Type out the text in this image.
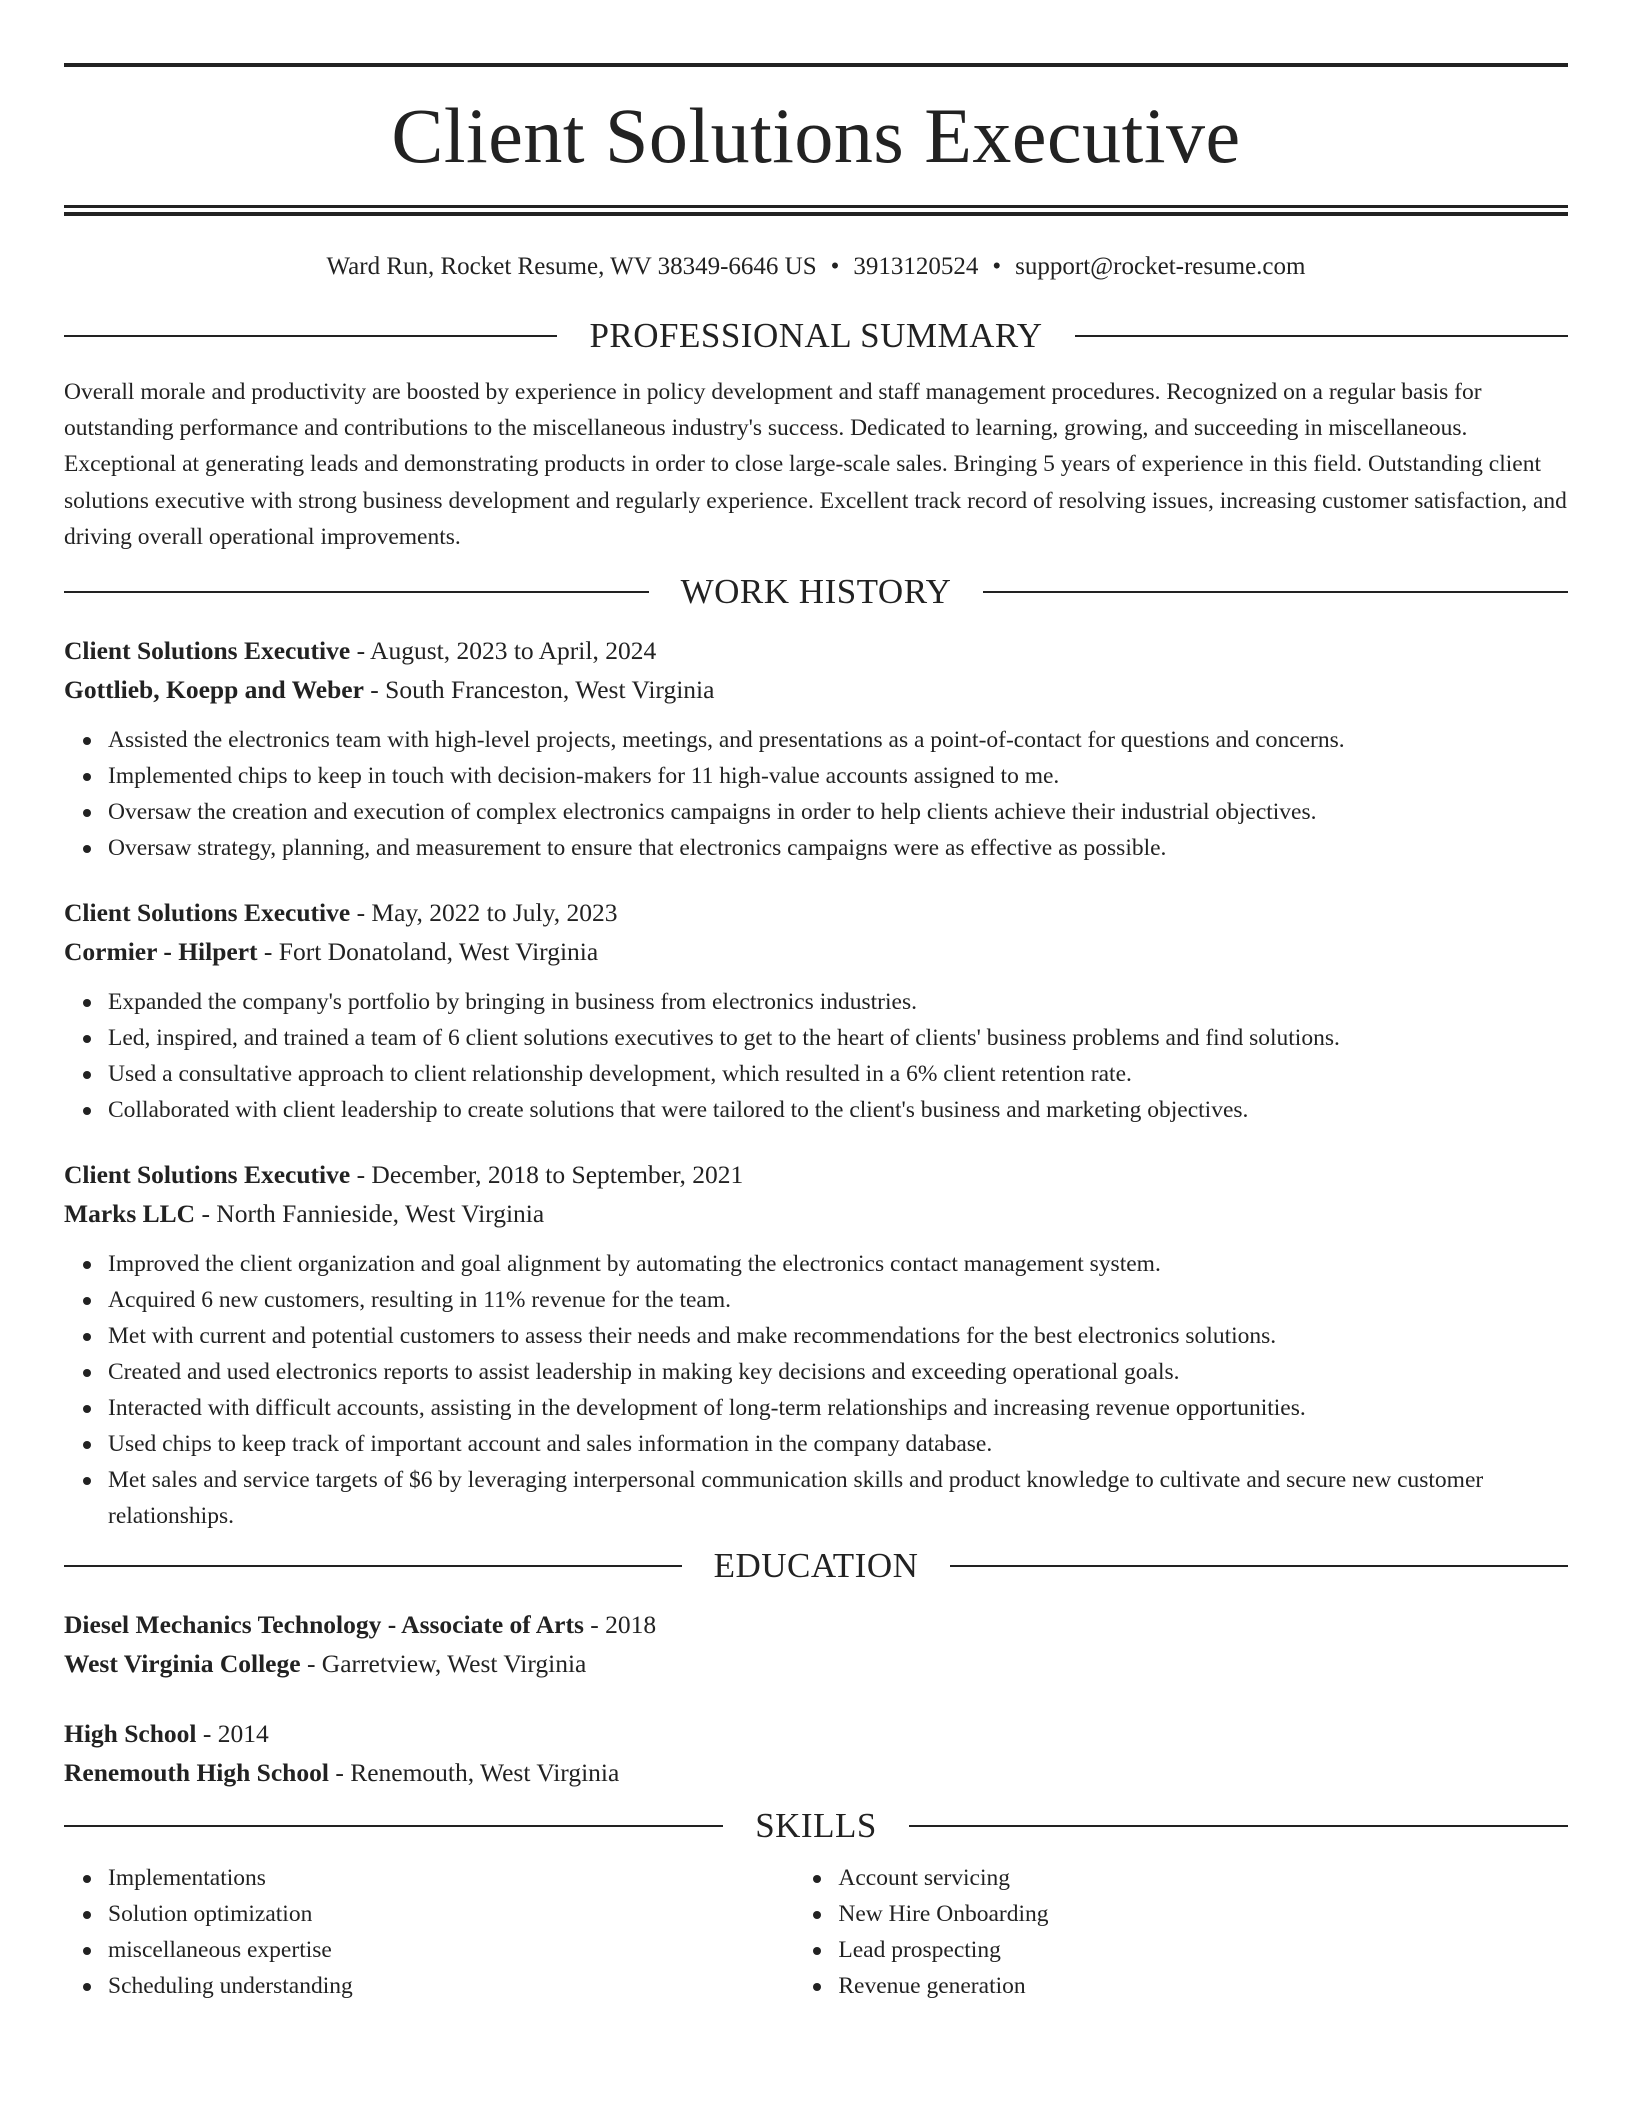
Client Solutions Executive
Ward Run, Rocket Resume, WV 38349-6646 US • 3913120524 • support@rocket-resume.com
PROFESSIONAL SUMMARY

Overall morale and productivity are boosted by experience in policy development and staff management procedures. Recognized on a regular basis for outstanding performance and contributions to the miscellaneous industry's success. Dedicated to learning, growing, and succeeding in miscellaneous. Exceptional at generating leads and demonstrating products in order to close large-scale sales. Bringing 5 years of experience in this field. Outstanding client solutions executive with strong business development and regularly experience. Excellent track record of resolving issues, increasing customer satisfaction, and driving overall operational improvements.

WORK HISTORY

Client Solutions Executive - August, 2023 to April, 2024

Gottlieb, Koepp and Weber - South Franceston, West Virginia

Assisted the electronics team with high-level projects, meetings, and presentations as a point-of-contact for questions and concerns.
Implemented chips to keep in touch with decision-makers for 11 high-value accounts assigned to me.
Oversaw the creation and execution of complex electronics campaigns in order to help clients achieve their industrial objectives.
Oversaw strategy, planning, and measurement to ensure that electronics campaigns were as effective as possible.

Client Solutions Executive - May, 2022 to July, 2023

Cormier - Hilpert - Fort Donatoland, West Virginia

Expanded the company's portfolio by bringing in business from electronics industries.
Led, inspired, and trained a team of 6 client solutions executives to get to the heart of clients' business problems and find solutions.
Used a consultative approach to client relationship development, which resulted in a 6% client retention rate.
Collaborated with client leadership to create solutions that were tailored to the client's business and marketing objectives.

Client Solutions Executive - December, 2018 to September, 2021

Marks LLC - North Fannieside, West Virginia

Improved the client organization and goal alignment by automating the electronics contact management system.
Acquired 6 new customers, resulting in 11% revenue for the team.
Met with current and potential customers to assess their needs and make recommendations for the best electronics solutions.
Created and used electronics reports to assist leadership in making key decisions and exceeding operational goals.
Interacted with difficult accounts, assisting in the development of long-term relationships and increasing revenue opportunities.
Used chips to keep track of important account and sales information in the company database.
Met sales and service targets of $6 by leveraging interpersonal communication skills and product knowledge to cultivate and secure new customer relationships.
EDUCATION

Diesel Mechanics Technology - Associate of Arts - 2018

West Virginia College - Garretview, West Virginia

High School - 2014

Renemouth High School - Renemouth, West Virginia

SKILLS
Implementations
Solution optimization
miscellaneous expertise
Scheduling understanding
Account servicing
New Hire Onboarding
Lead prospecting
Revenue generation
